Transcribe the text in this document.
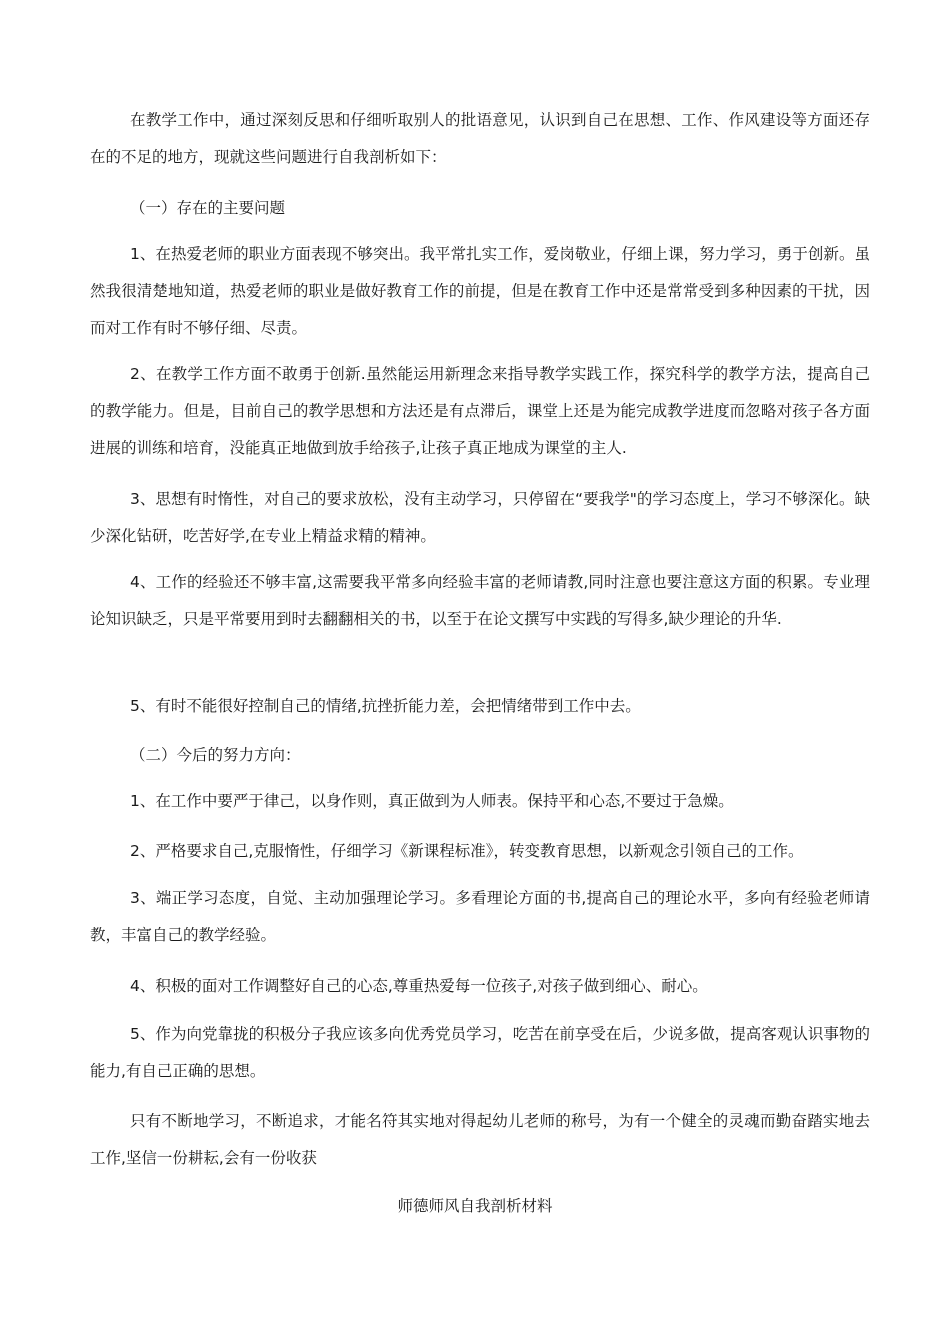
在教学工作中，通过深刻反思和仔细听取别人的批语意见，认识到自己在思想、工作、作风建设等方面还存在的不足的地方，现就这些问题进行自我剖析如下：
（一）存在的主要问题
1、在热爱老师的职业方面表现不够突出。我平常扎实工作，爱岗敬业，仔细上课，努力学习，勇于创新。虽然我很清楚地知道，热爱老师的职业是做好教育工作的前提，但是在教育工作中还是常常受到多种因素的干扰，因而对工作有时不够仔细、尽责。
2、在教学工作方面不敢勇于创新.虽然能运用新理念来指导教学实践工作，探究科学的教学方法，提高自己的教学能力。但是，目前自己的教学思想和方法还是有点滞后，课堂上还是为能完成教学进度而忽略对孩子各方面进展的训练和培育，没能真正地做到放手给孩子,让孩子真正地成为课堂的主人.
3、思想有时惰性，对自己的要求放松，没有主动学习，只停留在“要我学"的学习态度上，学习不够深化。缺少深化钻研，吃苦好学,在专业上精益求精的精神。
4、工作的经验还不够丰富,这需要我平常多向经验丰富的老师请教,同时注意也要注意这方面的积累。专业理论知识缺乏，只是平常要用到时去翻翻相关的书，以至于在论文撰写中实践的写得多,缺少理论的升华.
5、有时不能很好控制自己的情绪,抗挫折能力差，会把情绪带到工作中去。
（二）今后的努力方向：
1、在工作中要严于律己，以身作则，真正做到为人师表。保持平和心态,不要过于急燥。
2、严格要求自己,克服惰性，仔细学习《新课程标准》，转变教育思想，以新观念引领自己的工作。
3、端正学习态度，自觉、主动加强理论学习。多看理论方面的书,提高自己的理论水平，多向有经验老师请教，丰富自己的教学经验。
4、积极的面对工作调整好自己的心态,尊重热爱每一位孩子,对孩子做到细心、耐心。
5、作为向党靠拢的积极分子我应该多向优秀党员学习，吃苦在前享受在后，少说多做，提高客观认识事物的能力,有自己正确的思想。
只有不断地学习，不断追求，才能名符其实地对得起幼儿老师的称号，为有一个健全的灵魂而勤奋踏实地去工作,坚信一份耕耘,会有一份收获
师德师风自我剖析材料
